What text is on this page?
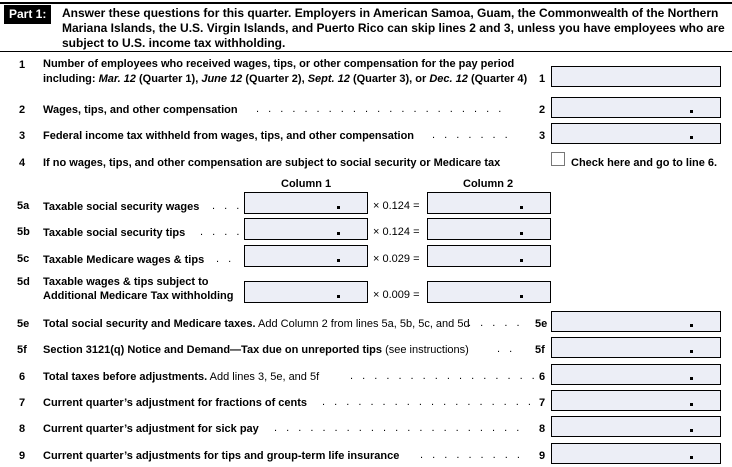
Part 1:	Answer these questions for this quarter. Employers in American Samoa, Guam, the Commonwealth of the Northern Mariana Islands, the U.S. Virgin Islands, and Puerto Rico can skip lines 2 and 3, unless you have employees who are subject to U.S. income tax withholding.
1 Number of employees who received wages, tips, or other compensation for the pay period
including: Mar. 12 (Quarter 1), June 12 (Quarter 2), Sept. 12 (Quarter 3), or Dec. 12 (Quarter 4) 1
2 Wages, tips, and other compensation . . . . . . . . . . . . . . . . . . . . .	2
3 Federal income tax withheld from wages, tips, and other compensation . . . . . . .	3
4 If no wages, tips, and other compensation are subject to social security or Medicare tax	Check here and go to line 6.
Column 1	Column 2
5a Taxable social security wages . . .	× 0.124 =
5b Taxable social security tips . . . .	× 0.124 =
5c Taxable Medicare wages & tips . .	× 0.029 =
5d Taxable wages & tips subject to
Additional Medicare Tax withholding	× 0.009 =
5e Total social security and Medicare taxes. Add Column 2 from lines 5a, 5b, 5c, and 5d
. . . . . 5e
5f Section 3121(q) Notice and Demand—Tax due on unreported tips (see instructions)	. . 5f
6 Total taxes before adjustments. Add lines 3, 5e, and 5f	. . . . . . . . . . . . . . . . 6
7 Current quarter’s adjustment for fractions of cents . . . . . . . . . . . . . . . . . . 7
8 Current quarter’s adjustment for sick pay . . . . . . . . . . . . . . . . . . . . . 8
9 Current quarter’s adjustments for tips and group-term life insurance . . . . . . . . . 9
